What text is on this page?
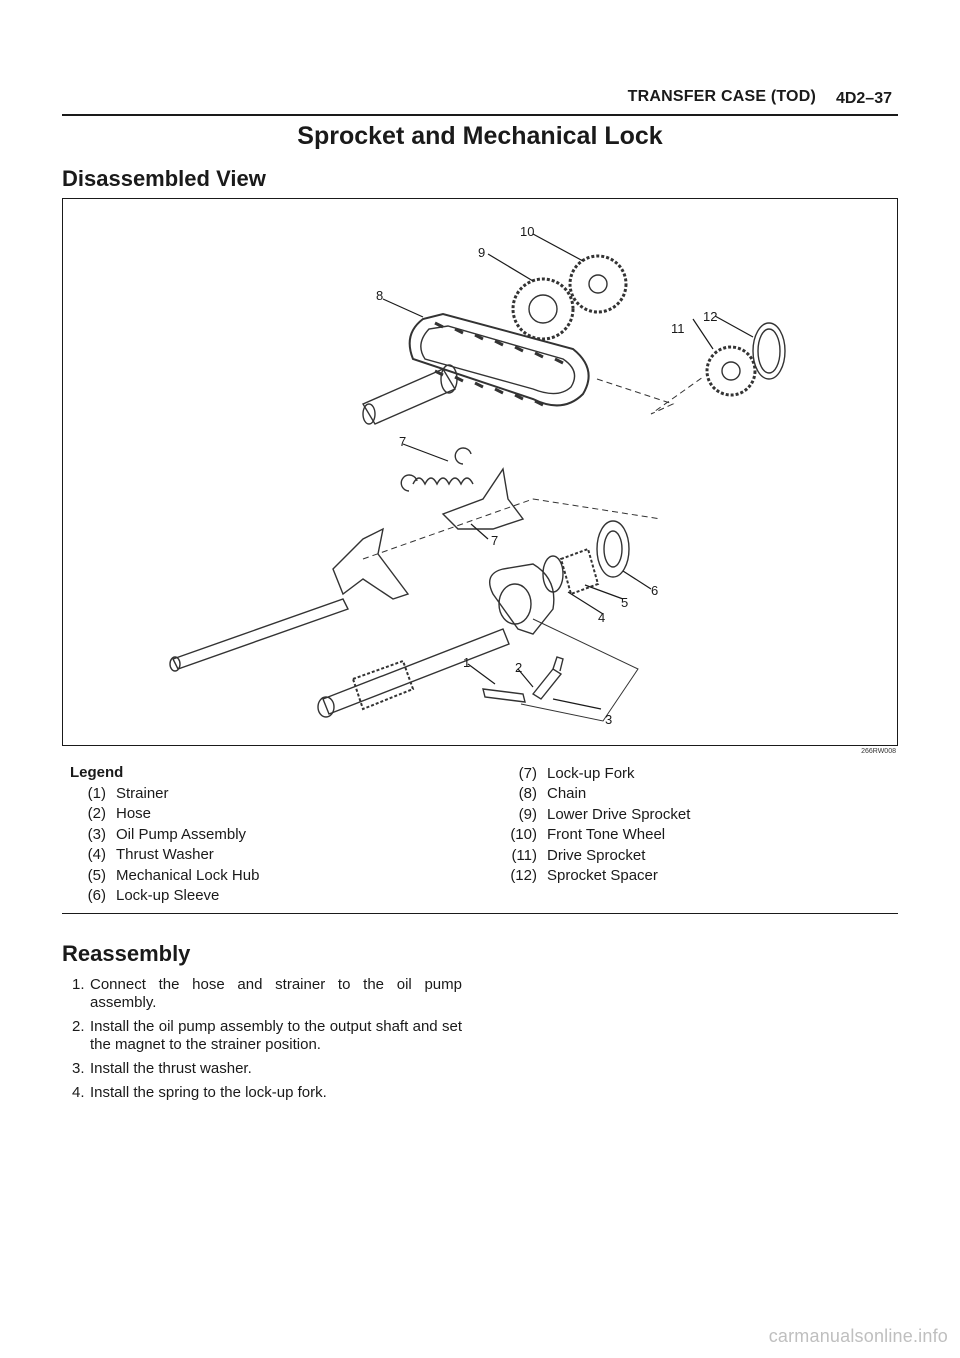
TRANSFER CASE (TOD) 4D2–37
Sprocket and Mechanical Lock
Disassembled View
8
9
10
11
12
7
7
1	2
3
4
5
6
266RW008
Legend
(1) Strainer
(2) Hose
(3) Oil Pump Assembly
(4) Thrust Washer
(5) Mechanical Lock Hub
(6) Lock-up Sleeve
(7) Lock-up Fork
(8) Chain
(9) Lower Drive Sprocket
(10) Front Tone Wheel
(11) Drive Sprocket
(12) Sprocket Spacer
Reassembly
1. Connect the hose and strainer to the oil pump assembly.
2. Install the oil pump assembly to the output shaft and set the magnet to the strainer position.
3. Install the thrust washer.
4. Install the spring to the lock-up fork.
carmanualsonline.info
